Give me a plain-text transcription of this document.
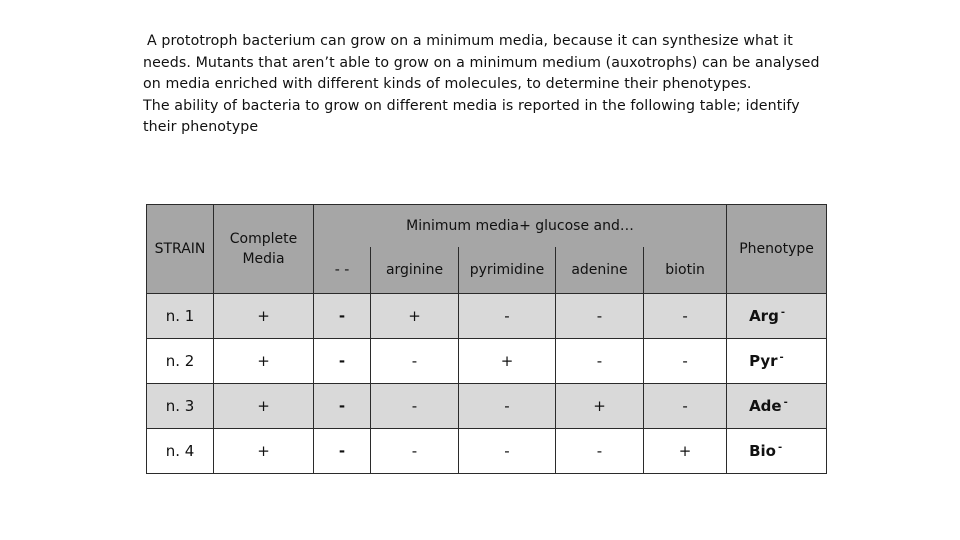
A prototroph bacterium can grow on a minimum media, because it can synthesize what it needs. Mutants that aren’t able to grow on a minimum medium (auxotrophs) can be analysed on media enriched with different kinds of molecules, to determine their phenotypes.

The ability of bacteria to grow on different media is reported in the following table; identify their phenotype

STRAIN	Complete Media	Minimum media+ glucose and…					Phenotype
		- -	arginine	pyrimidine	adenine	biotin	
n. 1	+	-	+	-	-	-	Arg -
n. 2	+	-	-	+	-	-	Pyr -
n. 3	+	-	-	-	+	-	Ade -
n. 4	+	-	-	-	-	+	Bio -
